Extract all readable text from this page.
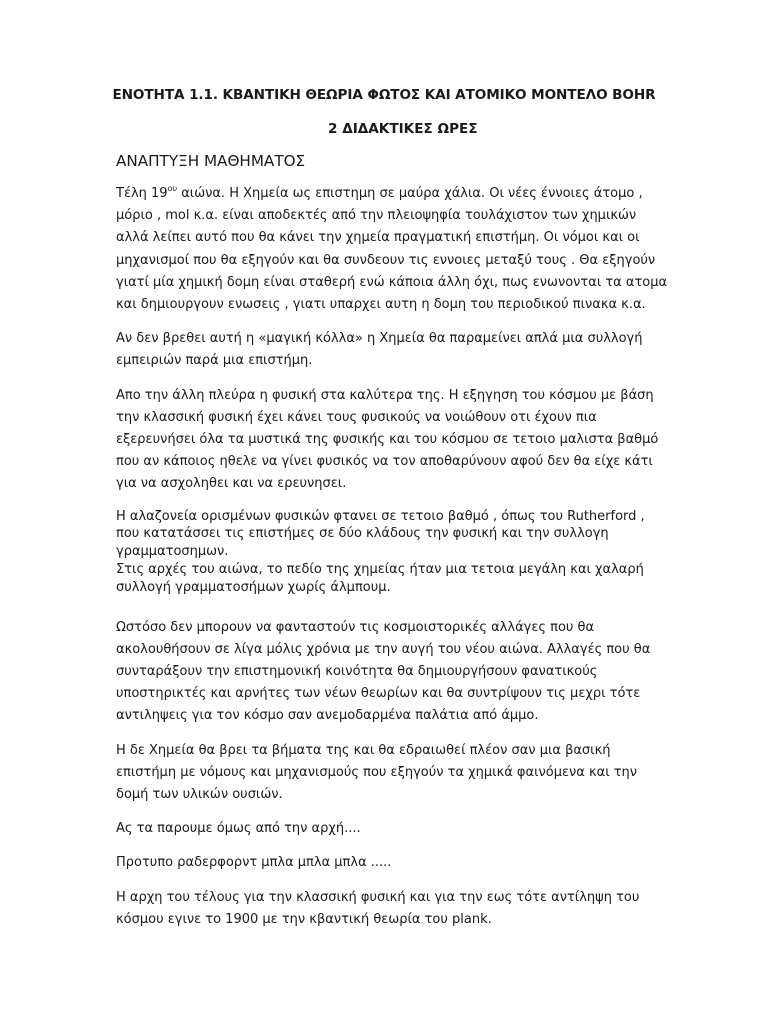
ΕΝΟΤΗΤΑ 1.1. ΚΒΑΝΤΙΚΗ ΘΕΩΡΙΑ ΦΩΤΟΣ ΚΑΙ ΑΤΟΜΙΚΟ ΜΟΝΤΕΛΟ BOHR
2 ΔΙΔΑΚΤΙΚΕΣ ΩΡΕΣ
ΑΝΑΠΤΥΞΗ ΜΑΘΗΜΑΤΟΣ

Τέλη $19^{o\upsilon}$ αιώνα. Η Χημεία ως επιστημη σε μαύρα χάλια. Οι νέες έννοιες άτομο ,
μόριο , mol κ.α. είναι αποδεκτές από την πλειοψηφία τουλάχιστον των χημικών
αλλά λείπει αυτό που θα κάνει την χημεία πραγματική επιστήμη. Οι νόμοι και οι
μηχανισμοί που θα εξηγούν και θα συνδεουν τις εννοιες μεταξύ τους . Θα εξηγούν
γιατί μία χημική δομη είναι σταθερή ενώ κάποια άλλη όχι, πως ενωνονται τα ατομα
και δημιουργουν ενωσεις , γιατι υπαρχει αυτη η δομη του περιοδικού πινακα κ.α.

Αν δεν βρεθει αυτή η «μαγική κόλλα» η Χημεία θα παραμείνει απλά μια συλλογή
εμπειριών παρά μια επιστήμη.

Απο την άλλη πλεύρα η φυσική στα καλύτερα της. Η εξηγηση του κόσμου με βάση
την κλασσική φυσική έχει κάνει τους φυσικούς να νοιώθουν οτι έχουν πια
εξερευνήσει όλα τα μυστικά της φυσικής και του κόσμου σε τετοιο μαλιστα βαθμό
που αν κάποιος ηθελε να γίνει φυσικός να τον αποθαρύνουν αφού δεν θα είχε κάτι
για να ασχοληθει και να ερευνησει.

Η αλαζονεία ορισμένων φυσικών φτανει σε τετοιο βαθμό , όπως του Rutherford ,
που κατατάσσει τις επιστήμες σε δύο κλάδους την φυσική και την συλλογη
γραμματοσημων.
Στις αρχές του αιώνα, το πεδίο της χημείας ήταν μια τετοια μεγάλη και χαλαρή
συλλογή γραμματοσήμων χωρίς άλμπουμ.

Ωστόσο δεν μπορουν να φανταστούν τις κοσμοιστορικές αλλάγες που θα
ακολουθήσουν σε λίγα μόλις χρόνια με την αυγή του νέου αιώνα. Αλλαγές που θα
συνταράξουν την επιστημονική κοινότητα θα δημιουργήσουν φανατικούς
υποστηρικτές και αρνήτες των νέων θεωρίων και θα συντρίψουν τις μεχρι τότε
αντιληψεις για τον κόσμο σαν ανεμοδαρμένα παλάτια από άμμο.

Η δε Χημεία θα βρει τα βήματα της και θα εδραιωθεί πλέον σαν μια βασική
επιστήμη με νόμους και μηχανισμούς που εξηγούν τα χημικά φαινόμενα και την
δομή των υλικών ουσιών.

Ας τα παρουμε όμως από την αρχή....

Προτυπο ραδερφορντ μπλα μπλα μπλα .....

Η αρχη του τέλους για την κλασσική φυσική και για την εως τότε αντίληψη του
κόσμου εγινε το 1900 με την κβαντική θεωρία του plank.
